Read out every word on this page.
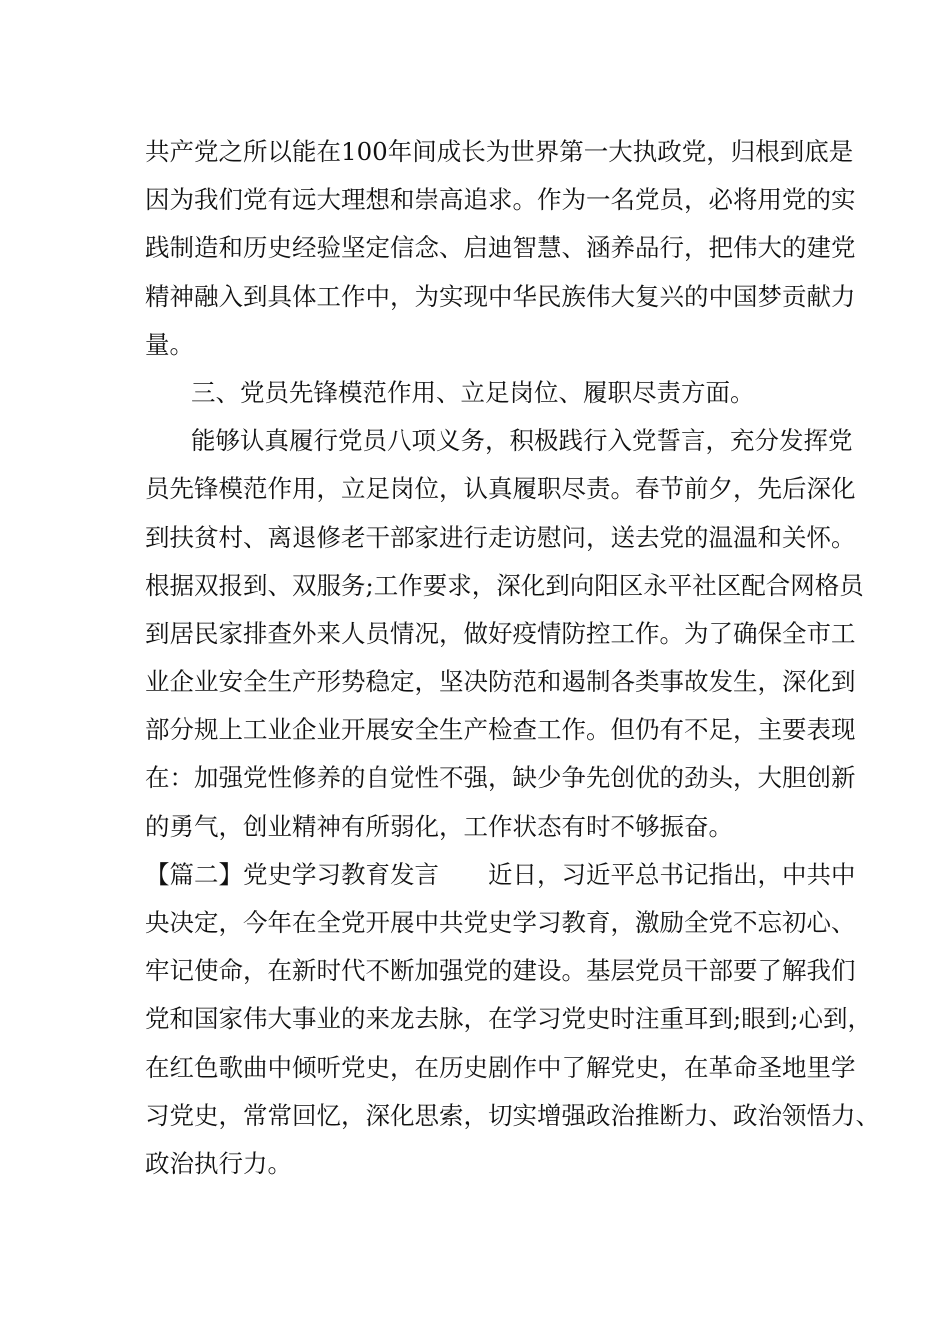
共产党之所以能在100年间成长为世界第一大执政党，归根到底是
因为我们党有远大理想和崇高追求。作为一名党员，必将用党的实
践制造和历史经验坚定信念、启迪智慧、涵养品行，把伟大的建党
精神融入到具体工作中，为实现中华民族伟大复兴的中国梦贡献力
量。
三、党员先锋模范作用、立足岗位、履职尽责方面。
能够认真履行党员八项义务，积极践行入党誓言，充分发挥党
员先锋模范作用，立足岗位，认真履职尽责。春节前夕，先后深化
到扶贫村、离退修老干部家进行走访慰问，送去党的温温和关怀。
根据双报到、双服务;工作要求，深化到向阳区永平社区配合网格员
到居民家排查外来人员情况，做好疫情防控工作。为了确保全市工
业企业安全生产形势稳定，坚决防范和遏制各类事故发生，深化到
部分规上工业企业开展安全生产检查工作。但仍有不足，主要表现
在：加强党性修养的自觉性不强，缺少争先创优的劲头，大胆创新
的勇气，创业精神有所弱化，工作状态有时不够振奋。
【篇二】党史学习教育发言　　近日，习近平总书记指出，中共中
央决定，今年在全党开展中共党史学习教育，激励全党不忘初心、
牢记使命，在新时代不断加强党的建设。基层党员干部要了解我们
党和国家伟大事业的来龙去脉，在学习党史时注重耳到;眼到;心到，
在红色歌曲中倾听党史，在历史剧作中了解党史，在革命圣地里学
习党史，常常回忆，深化思索，切实增强政治推断力、政治领悟力、
政治执行力。
